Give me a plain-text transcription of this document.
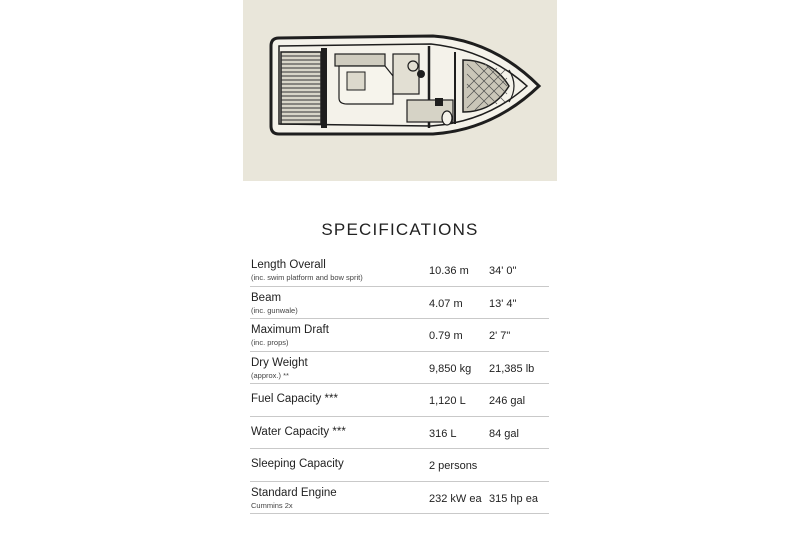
SPECIFICATIONS
Length Overall
(inc. swim platform and bow sprit)
10.36 m 34' 0"
Beam
(inc. gunwale)
4.07 m 13' 4"
Maximum Draft
(inc. props)
0.79 m 2' 7"
Dry Weight
(approx.) **
9,850 kg 21,385 lb
Fuel Capacity ***	1,120 L 246 gal
Water Capacity ***	316 L	84 gal
Sleeping Capacity	2 persons
Standard Engine
Cummins 2x
232 kW ea 315 hp ea
